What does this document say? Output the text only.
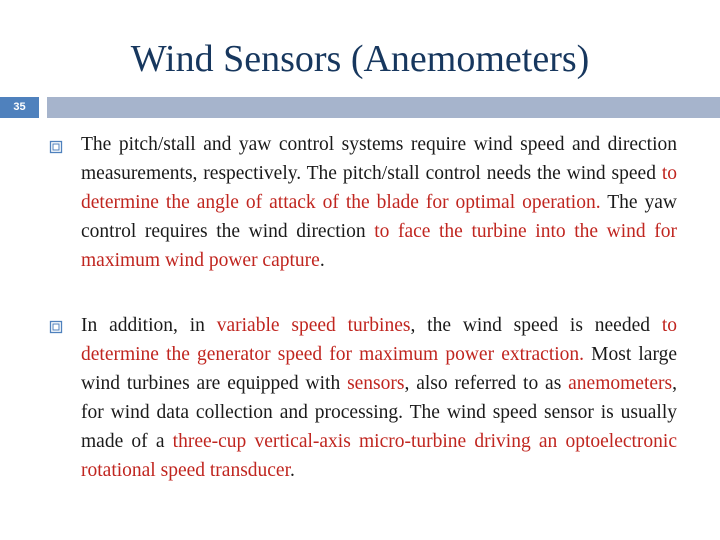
Wind Sensors (Anemometers)
35

The pitch/stall and yaw control systems require wind speed and direction measurements, respectively. The pitch/stall control needs the wind speed to determine the angle of attack of the blade for optimal operation. The yaw control requires the wind direction to face the turbine into the wind for maximum wind power capture.

In addition, in variable speed turbines, the wind speed is needed to determine the generator speed for maximum power extraction. Most large wind turbines are equipped with sensors, also referred to as anemometers, for wind data collection and processing. The wind speed sensor is usually made of a three-cup vertical-axis micro-turbine driving an optoelectronic rotational speed transducer.
